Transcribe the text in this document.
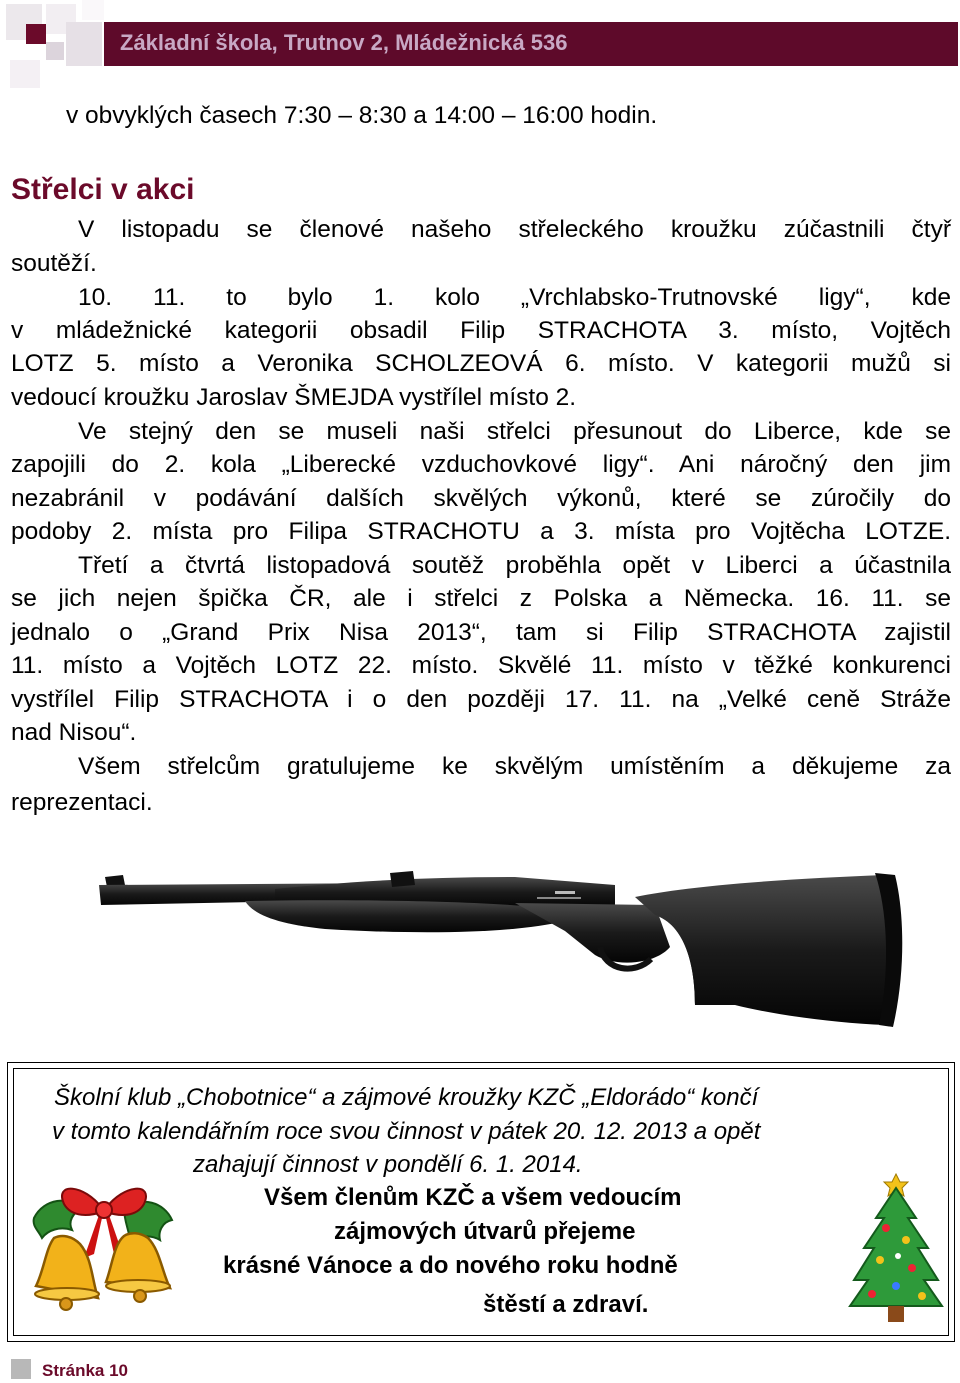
Základní škola, Trutnov 2, Mládežnická 536
v obvyklých časech 7:30 – 8:30 a 14:00 – 16:00 hodin.
Střelci v akci
V listopadu se členové našeho střeleckého kroužku zúčastnili čtyř
soutěží.
10. 11. to bylo 1. kolo „Vrchlabsko-Trutnovské ligy“, kde
v mládežnické kategorii obsadil Filip STRACHOTA 3. místo, Vojtěch
LOTZ 5. místo a Veronika SCHOLZEOVÁ 6. místo. V kategorii mužů si
vedoucí kroužku Jaroslav ŠMEJDA vystřílel místo 2.
Ve stejný den se museli naši střelci přesunout do Liberce, kde se
zapojili do 2. kola „Liberecké vzduchovkové ligy“. Ani náročný den jim
nezabránil v podávání dalších skvělých výkonů, které se zúročily do
podoby 2. místa pro Filipa STRACHOTU a 3. místa pro Vojtěcha LOTZE.
Třetí a čtvrtá listopadová soutěž proběhla opět v Liberci a účastnila
se jich nejen špička ČR, ale i střelci z Polska a Německa. 16. 11. se
jednalo o „Grand Prix Nisa 2013“, tam si Filip STRACHOTA zajistil
11. místo a Vojtěch LOTZ 22. místo. Skvělé 11. místo v těžké konkurenci
vystřílel Filip STRACHOTA i o den později 17. 11. na „Velké ceně Stráže
nad Nisou“.
Všem střelcům gratulujeme ke skvělým umístěním a děkujeme za
reprezentaci.
Školní klub „Chobotnice“ a zájmové kroužky KZČ „Eldorádo“ končí
v tomto kalendářním roce svou činnost v pátek 20. 12. 2013 a opět
zahajují činnost v pondělí 6. 1. 2014.
Všem členům KZČ a všem vedoucím
zájmových útvarů přejeme
krásné Vánoce a do nového roku hodně
štěstí a zdraví.
Stránka 10
